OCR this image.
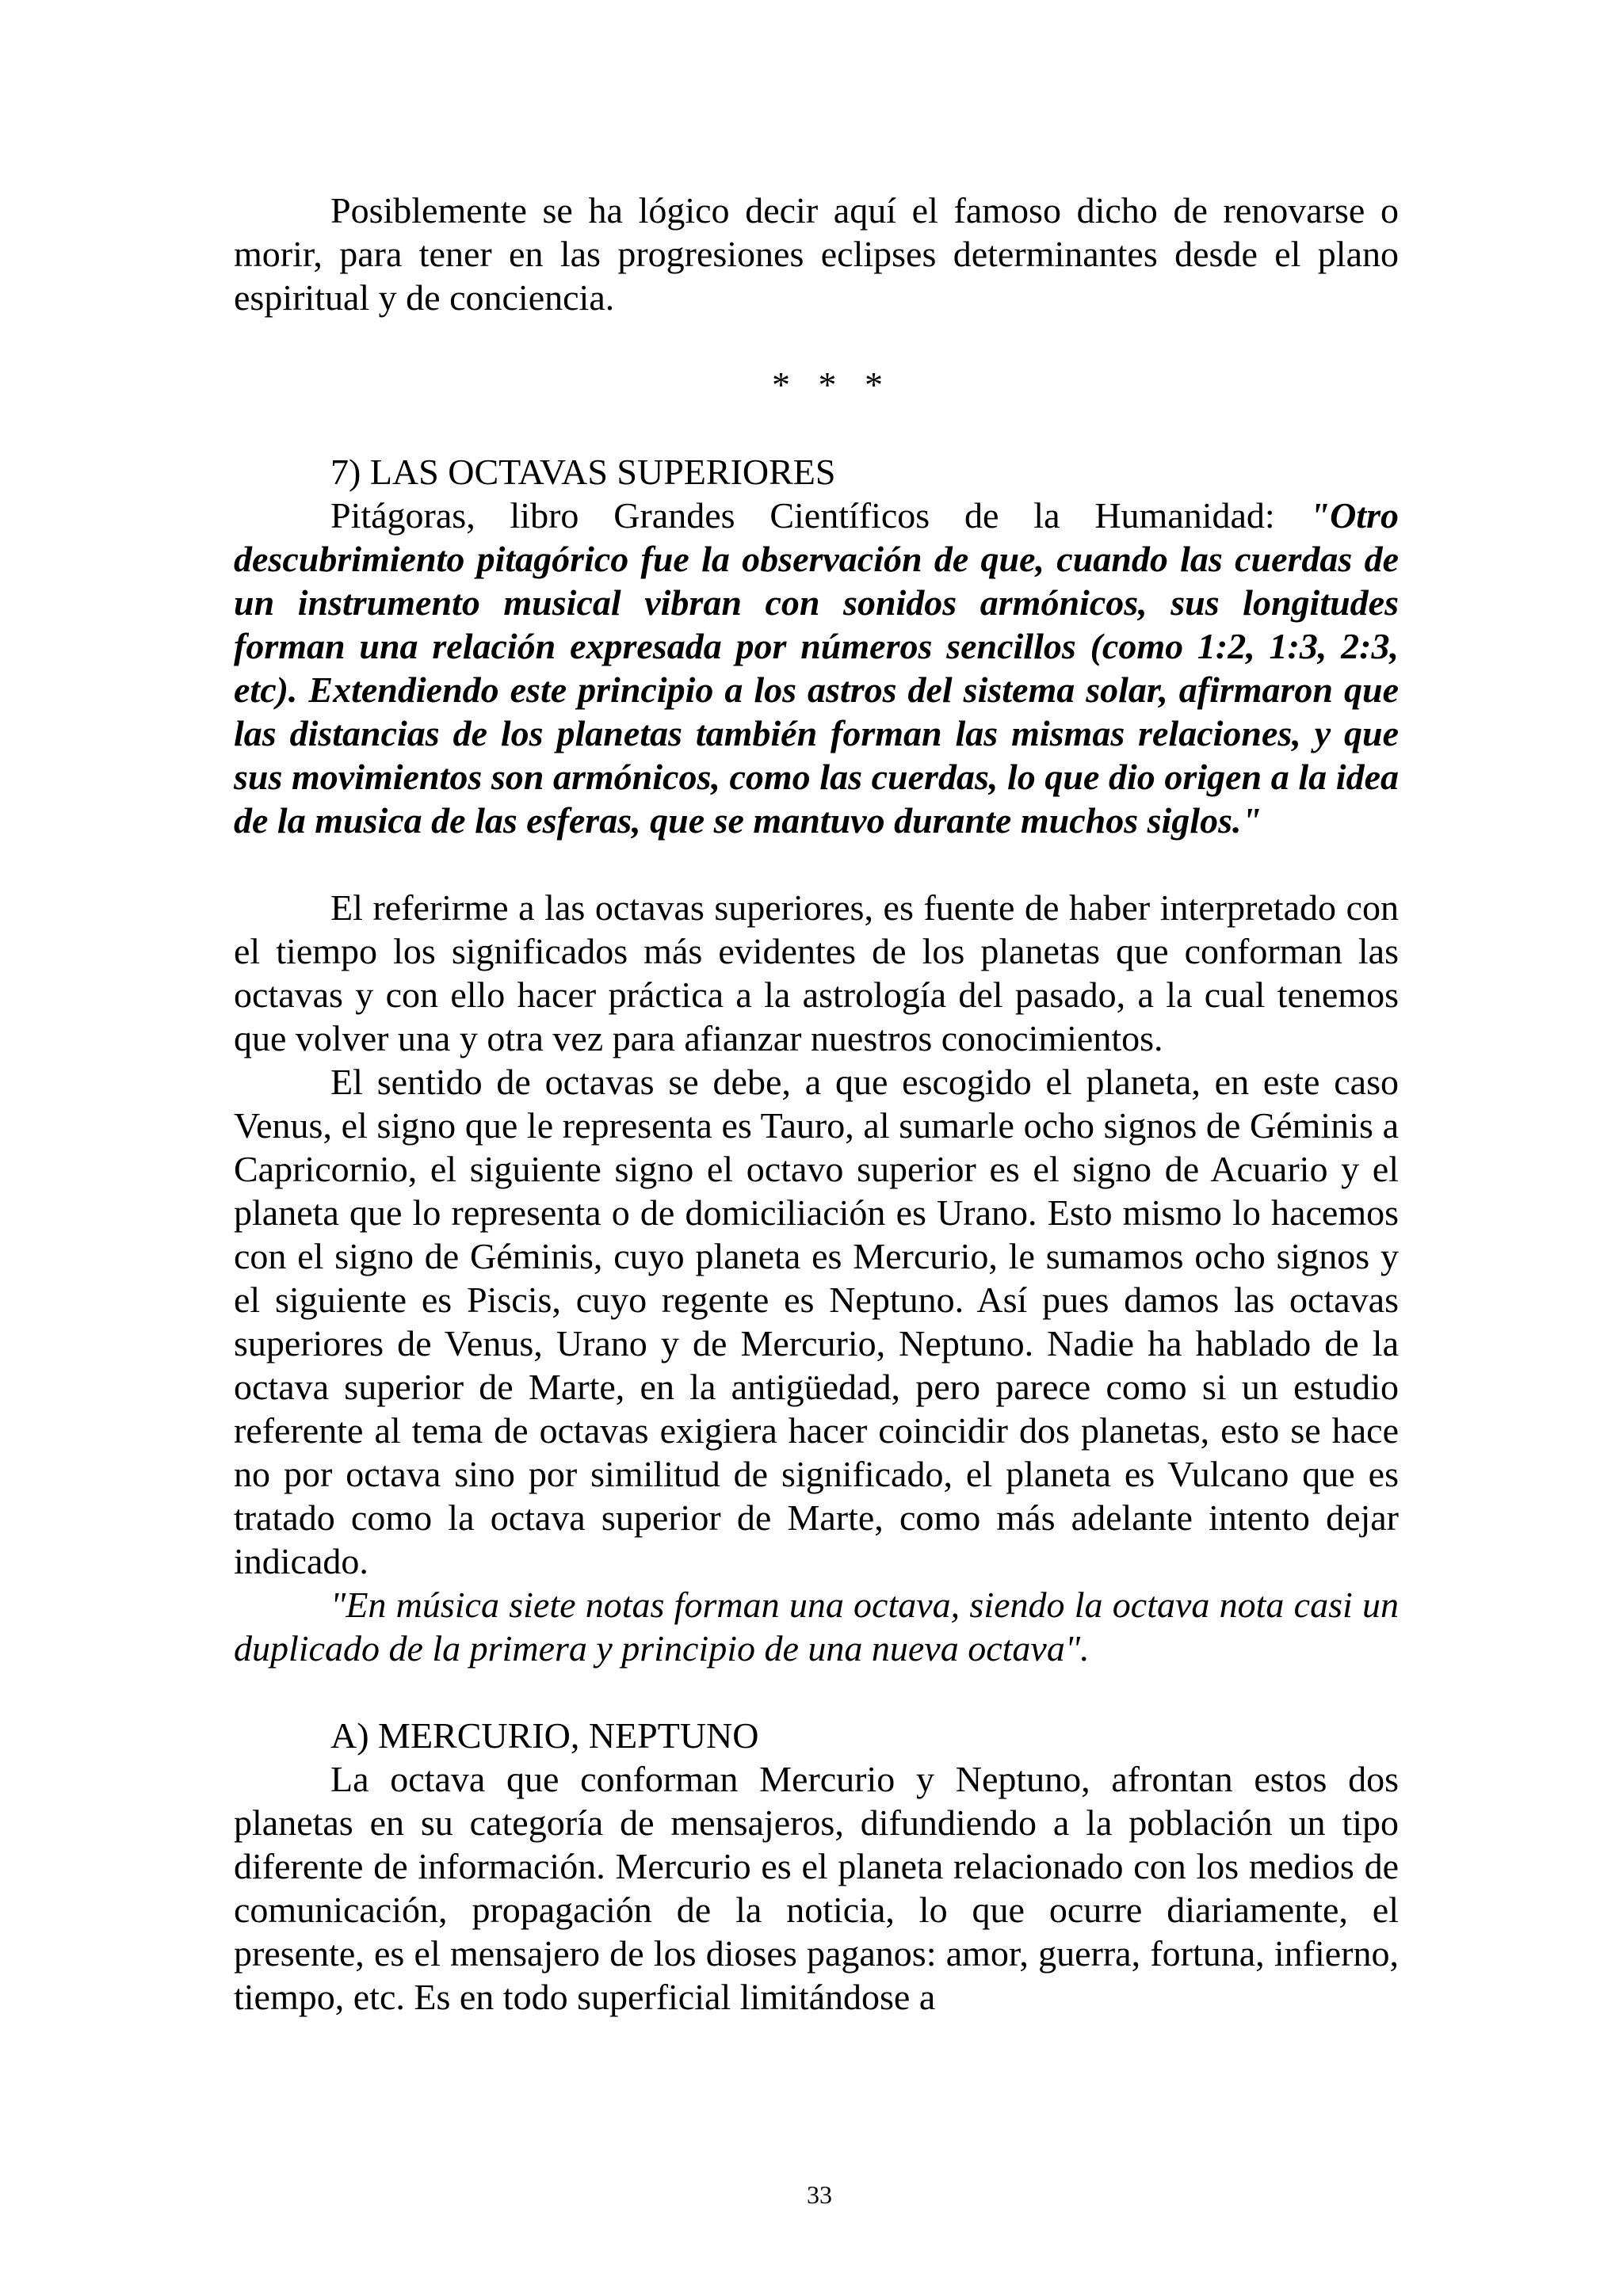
Posiblemente se ha lógico decir aquí el famoso dicho de renovarse o morir, para tener en las progresiones eclipses determinantes desde el plano espiritual y de conciencia.

* * *

7) LAS OCTAVAS SUPERIORES

Pitágoras, libro Grandes Científicos de la Humanidad: "Otro descubrimiento pitagórico fue la observación de que, cuando las cuerdas de un instrumento musical vibran con sonidos armónicos, sus longitudes forman una relación expresada por números sencillos (como 1:2, 1:3, 2:3, etc). Extendiendo este principio a los astros del sistema solar, afirmaron que las distancias de los planetas también forman las mismas relaciones, y que sus movimientos son armónicos, como las cuerdas, lo que dio origen a la idea de la musica de las esferas, que se mantuvo durante muchos siglos."

El referirme a las octavas superiores, es fuente de haber interpretado con el tiempo los significados más evidentes de los planetas que conforman las octavas y con ello hacer práctica a la astrología del pasado, a la cual tenemos que volver una y otra vez para afianzar nuestros conocimientos.

El sentido de octavas se debe, a que escogido el planeta, en este caso Venus, el signo que le representa es Tauro, al sumarle ocho signos de Géminis a Capricornio, el siguiente signo el octavo superior es el signo de Acuario y el planeta que lo representa o de domiciliación es Urano. Esto mismo lo hacemos con el signo de Géminis, cuyo planeta es Mercurio, le sumamos ocho signos y el siguiente es Piscis, cuyo regente es Neptuno. Así pues damos las octavas superiores de Venus, Urano y de Mercurio, Neptuno. Nadie ha hablado de la octava superior de Marte, en la antigüedad, pero parece como si un estudio referente al tema de octavas exigiera hacer coincidir dos planetas, esto se hace no por octava sino por similitud de significado, el planeta es Vulcano que es tratado como la octava superior de Marte, como más adelante intento dejar indicado.

"En música siete notas forman una octava, siendo la octava nota casi un duplicado de la primera y principio de una nueva octava".

A) MERCURIO, NEPTUNO

La octava que conforman Mercurio y Neptuno, afrontan estos dos planetas en su categoría de mensajeros, difundiendo a la población un tipo diferente de información. Mercurio es el planeta relacionado con los medios de comunicación, propagación de la noticia, lo que ocurre diariamente, el presente, es el mensajero de los dioses paganos: amor, guerra, fortuna, infierno, tiempo, etc. Es en todo superficial limitándose a

33
